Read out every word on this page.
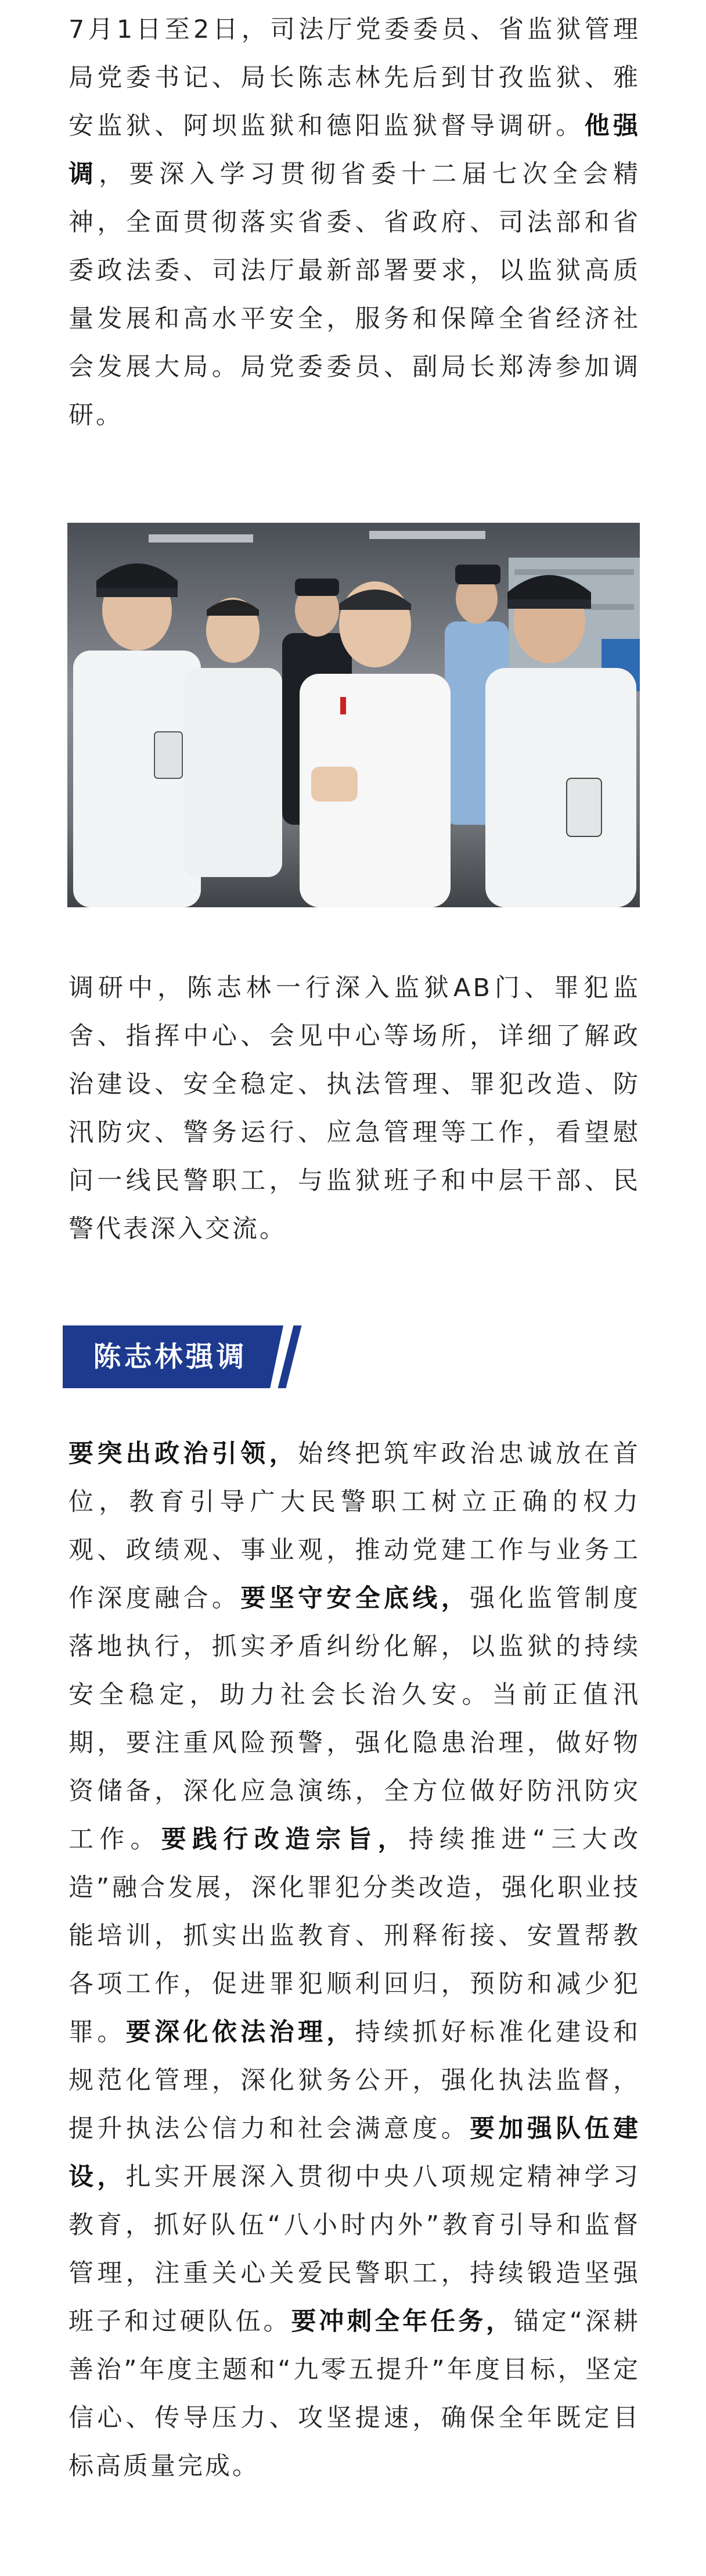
7月1日至2日，司法厅党委委员、省监狱管理局党委书记、局长陈志林先后到甘孜监狱、雅安监狱、阿坝监狱和德阳监狱督导调研。他强调，要深入学习贯彻省委十二届七次全会精神，全面贯彻落实省委、省政府、司法部和省委政法委、司法厅最新部署要求，以监狱高质量发展和高水平安全，服务和保障全省经济社会发展大局。局党委委员、副局长郑涛参加调研。

调研中，陈志林一行深入监狱AB门、罪犯监舍、指挥中心、会见中心等场所，详细了解政治建设、安全稳定、执法管理、罪犯改造、防汛防灾、警务运行、应急管理等工作，看望慰问一线民警职工，与监狱班子和中层干部、民警代表深入交流。

陈志林强调

要突出政治引领，始终把筑牢政治忠诚放在首位，教育引导广大民警职工树立正确的权力观、政绩观、事业观，推动党建工作与业务工作深度融合。要坚守安全底线，强化监管制度落地执行，抓实矛盾纠纷化解，以监狱的持续安全稳定，助力社会长治久安。当前正值汛期，要注重风险预警，强化隐患治理，做好物资储备，深化应急演练，全方位做好防汛防灾工作。要践行改造宗旨，持续推进“三大改造”融合发展，深化罪犯分类改造，强化职业技能培训，抓实出监教育、刑释衔接、安置帮教各项工作，促进罪犯顺利回归，预防和减少犯罪。要深化依法治理，持续抓好标准化建设和规范化管理，深化狱务公开，强化执法监督，提升执法公信力和社会满意度。要加强队伍建设，扎实开展深入贯彻中央八项规定精神学习教育，抓好队伍“八小时内外”教育引导和监督管理，注重关心关爱民警职工，持续锻造坚强班子和过硬队伍。要冲刺全年任务，锚定“深耕善治”年度主题和“九零五提升”年度目标，坚定信心、传导压力、攻坚提速，确保全年既定目标高质量完成。
